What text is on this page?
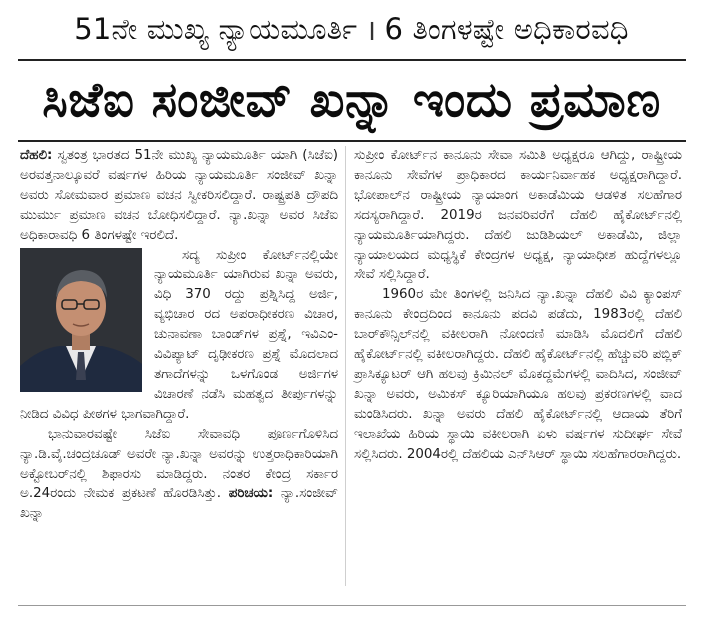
51ನೇ ಮುಖ್ಯ ನ್ಯಾಯಮೂರ್ತಿ । 6 ತಿಂಗಳಷ್ಟೇ ಅಧಿಕಾರವಧಿ
ಸಿಜೆಐ ಸಂಜೀವ್ ಖನ್ನಾ ಇಂದು ಪ್ರಮಾಣ

ದೆಹಲಿ: ಸ್ವತಂತ್ರ ಭಾರತದ 51ನೇ ಮುಖ್ಯ ನ್ಯಾಯಮೂರ್ತಿ ಯಾಗಿ (ಸಿಜೆಐ) ಅರವತ್ತನಾಲ್ಕೂವರೆ ವರ್ಷಗಳ ಹಿರಿಯ ನ್ಯಾಯಮೂರ್ತಿ ಸಂಜೀವ್ ಖನ್ನಾ ಅವರು ಸೋಮವಾರ ಪ್ರಮಾಣ ವಚನ ಸ್ವೀಕರಿಸಲಿದ್ದಾರೆ. ರಾಷ್ಟ್ರಪತಿ ದ್ರೌಪದಿ ಮುರ್ಮು ಪ್ರಮಾಣ ವಚನ ಬೋಧಿಸಲಿದ್ದಾರೆ. ನ್ಯಾ.ಖನ್ನಾ ಅವರ ಸಿಜೆಐ ಅಧಿಕಾರಾವಧಿ 6 ತಿಂಗಳಷ್ಟೇ ಇರಲಿದೆ.

ಸದ್ಯ ಸುಪ್ರೀಂ ಕೋರ್ಟ್‌ನಲ್ಲಿಯೇ ನ್ಯಾಯಮೂರ್ತಿ ಯಾಗಿರುವ ಖನ್ನಾ ಅವರು, ವಿಧಿ 370 ರದ್ದು ಪ್ರಶ್ನಿಸಿದ್ದ ಅರ್ಜಿ, ವ್ಯಭಿಚಾರ ರದ ಅಪರಾಧೀಕರಣ ವಿಚಾರ, ಚುನಾವಣಾ ಬಾಂಡ್‌ಗಳ ಪ್ರಶ್ನೆ, ಇವಿಎಂ-ವಿವಿಪ್ಯಾಟ್ ದೃಢೀಕರಣ ಪ್ರಶ್ನೆ ಮೊದಲಾದ ತಗಾದೆಗಳನ್ನು ಒಳಗೊಂಡ ಅರ್ಜಿಗಳ ವಿಚಾರಣೆ ನಡೆಸಿ ಮಹತ್ವದ ತೀರ್ಪುಗಳನ್ನು ನೀಡಿದ ವಿವಿಧ ಪೀಠಗಳ ಭಾಗವಾಗಿದ್ದಾರೆ.

ಭಾನುವಾರವಷ್ಟೇ ಸಿಜೆಐ ಸೇವಾವಧಿ ಪೂರ್ಣಗೊಳಿಸಿದ ನ್ಯಾ.ಡಿ.ವೈ.ಚಂದ್ರಚೂಡ್ ಅವರೇ ನ್ಯಾ.ಖನ್ನಾ ಅವರನ್ನು ಉತ್ತರಾಧಿಕಾರಿಯಾಗಿ ಅಕ್ಟೋಬರ್‌ನಲ್ಲಿ ಶಿಫಾರಸು ಮಾಡಿದ್ದರು. ನಂತರ ಕೇಂದ್ರ ಸರ್ಕಾರ ಅ.24ರಂದು ನೇಮಕ ಪ್ರಕಟಣೆ ಹೊರಡಿಸಿತ್ತು. ಪರಿಚಯ: ನ್ಯಾ.ಸಂಜೀವ್ ಖನ್ನಾ

ಸುಪ್ರೀಂ ಕೋರ್ಟ್‌ನ ಕಾನೂನು ಸೇವಾ ಸಮಿತಿ ಅಧ್ಯಕ್ಷರೂ ಆಗಿದ್ದು, ರಾಷ್ಟ್ರೀಯ ಕಾನೂನು ಸೇವೆಗಳ ಪ್ರಾಧಿಕಾರದ ಕಾರ್ಯನಿರ್ವಾಹಕ ಅಧ್ಯಕ್ಷರಾಗಿದ್ದಾರೆ. ಭೋಪಾಲ್‌ನ ರಾಷ್ಟ್ರೀಯ ನ್ಯಾಯಾಂಗ ಅಕಾಡೆಮಿಯ ಆಡಳಿತ ಸಲಹೆಗಾರ ಸದಸ್ಯರಾಗಿದ್ದಾರೆ. 2019ರ ಜನವರಿವರೆಗೆ ದೆಹಲಿ ಹೈಕೋರ್ಟ್‌ನಲ್ಲಿ ನ್ಯಾಯಮೂರ್ತಿಯಾಗಿದ್ದರು. ದೆಹಲಿ ಜುಡಿಶಿಯಲ್ ಅಕಾಡೆಮಿ, ಜಿಲ್ಲಾ ನ್ಯಾಯಾಲಯದ ಮಧ್ಯಸ್ಥಿಕೆ ಕೇಂದ್ರಗಳ ಅಧ್ಯಕ್ಷ, ನ್ಯಾಯಾಧೀಶ ಹುದ್ದೆಗಳಲ್ಲೂ ಸೇವೆ ಸಲ್ಲಿಸಿದ್ದಾರೆ.

1960ರ ಮೇ ತಿಂಗಳಲ್ಲಿ ಜನಿಸಿದ ನ್ಯಾ.ಖನ್ನಾ ದೆಹಲಿ ವಿವಿ ಕ್ಯಾಂಪಸ್ ಕಾನೂನು ಕೇಂದ್ರದಿಂದ ಕಾನೂನು ಪದವಿ ಪಡೆದು, 1983ರಲ್ಲಿ ದೆಹಲಿ ಬಾರ್‌ಕೌನ್ಸಿಲ್‌ನಲ್ಲಿ ವಕೀಲರಾಗಿ ನೋಂದಣಿ ಮಾಡಿಸಿ ಮೊದಲಿಗೆ ದೆಹಲಿ ಹೈಕೋರ್ಟ್‌ನಲ್ಲಿ ವಕೀಲರಾಗಿದ್ದರು. ದೆಹಲಿ ಹೈಕೋರ್ಟ್‌ನಲ್ಲಿ ಹೆಚ್ಚುವರಿ ಪಬ್ಲಿಕ್ ಪ್ರಾಸಿಕ್ಯೂಟರ್ ಆಗಿ ಹಲವು ಕ್ರಿಮಿನಲ್ ಮೊಕದ್ದಮೆಗಳಲ್ಲಿ ವಾದಿಸಿದ, ಸಂಜೀವ್ ಖನ್ನಾ ಅವರು, ಅಮಿಕಸ್ ಕ್ಯೂರಿಯಾಗಿಯೂ ಹಲವು ಪ್ರಕರಣಗಳಲ್ಲಿ ವಾದ ಮಂಡಿಸಿದರು. ಖನ್ನಾ ಅವರು ದೆಹಲಿ ಹೈಕೋರ್ಟ್‌ನಲ್ಲಿ ಆದಾಯ ತೆರಿಗೆ ಇಲಾಖೆಯ ಹಿರಿಯ ಸ್ಥಾಯಿ ವಕೀಲರಾಗಿ ಏಳು ವರ್ಷಗಳ ಸುದೀರ್ಘ ಸೇವೆ ಸಲ್ಲಿಸಿದರು. 2004ರಲ್ಲಿ ದೆಹಲಿಯ ಎನ್‌ಸಿಆರ್ ಸ್ಥಾಯಿ ಸಲಹೆಗಾರರಾಗಿದ್ದರು.
